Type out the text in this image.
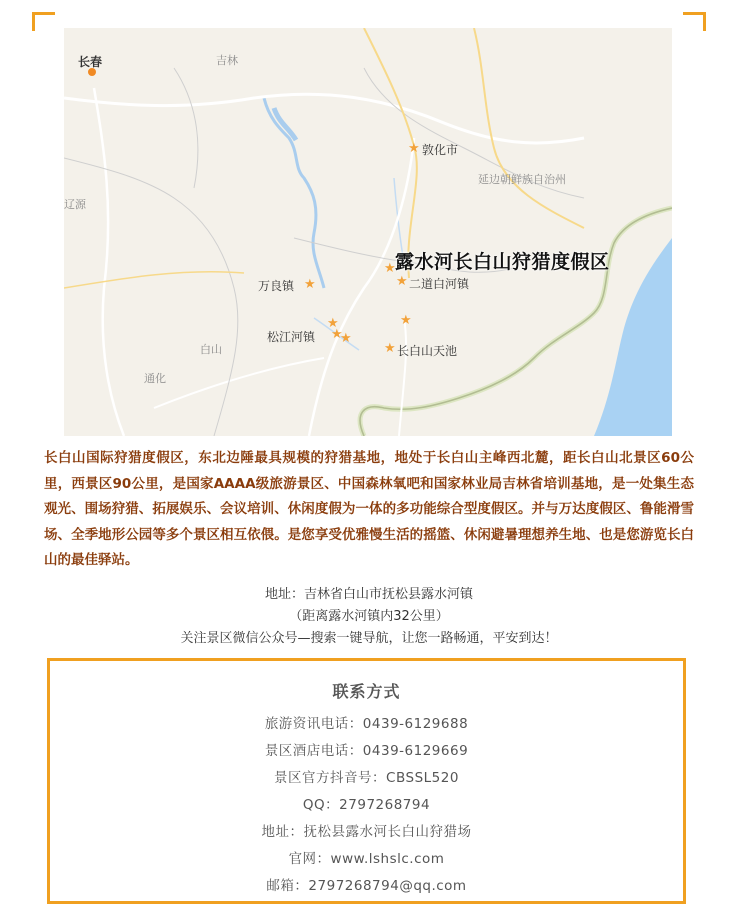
长春	吉林
★ 敦化市
延边朝鲜族自治州
辽源
露水河长白山狩猎度假区
★
★ 二道白河镇
★
万良镇
★
★
★
★
松江河镇
白山	★ 长白山天池
通化

长白山国际狩猎度假区，东北边陲最具规模的狩猎基地，地处于长白山主峰西北麓，距长白山北景区60公里，西景区90公里，是国家AAAA级旅游景区、中国森林氧吧和国家林业局吉林省培训基地，是一处集生态观光、围场狩猎、拓展娱乐、会议培训、休闲度假为一体的多功能综合型度假区。并与万达度假区、鲁能滑雪场、全季地形公园等多个景区相互依偎。是您享受优雅慢生活的摇篮、休闲避暑理想养生地、也是您游览长白山的最佳驿站。

地址：吉林省白山市抚松县露水河镇
（距离露水河镇内32公里）
关注景区微信公众号—搜索一键导航，让您一路畅通，平安到达！
联系方式
旅游资讯电话：0439-6129688
景区酒店电话：0439-6129669
景区官方抖音号：CBSSL520
QQ：2797268794
地址：抚松县露水河长白山狩猎场
官网：www.lshslc.com
邮箱：2797268794@qq.com
